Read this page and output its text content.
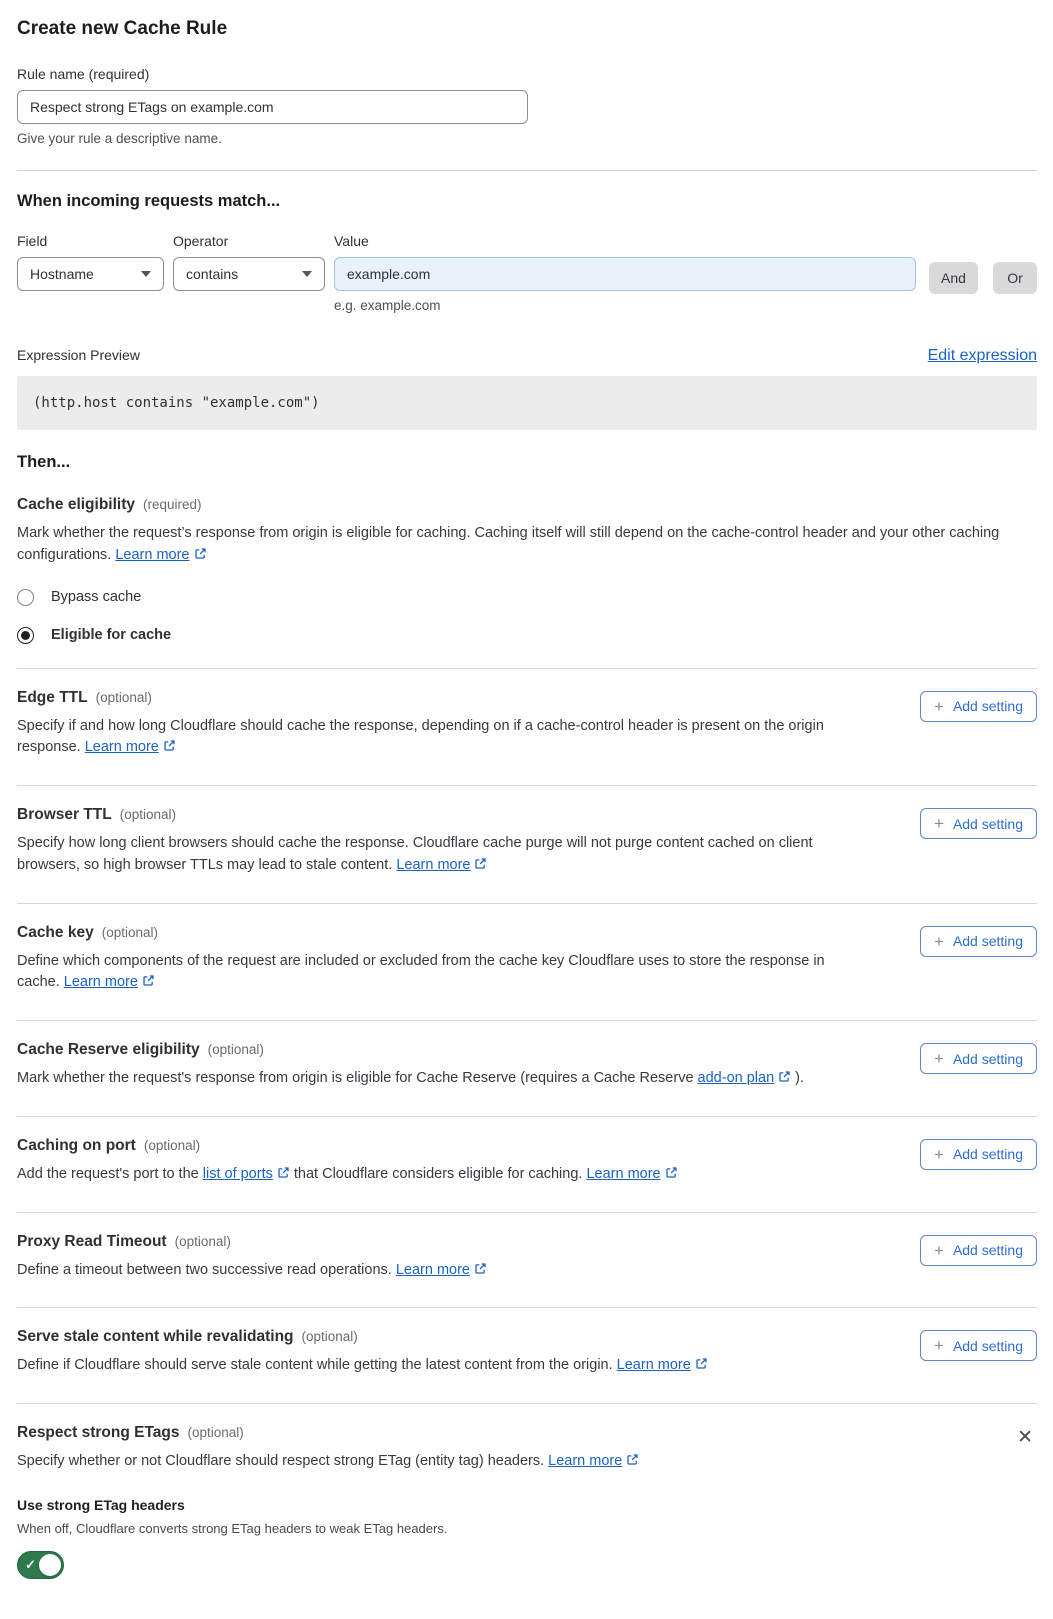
Create new Cache Rule
Rule name (required)
Respect strong ETags on example.com
Give your rule a descriptive name.
When incoming requests match...
Field
Hostname
Operator
contains
Value
example.com
e.g. example.com
And	Or
Expression Preview	Edit expression
(http.host contains "example.com")
Then...
Cache eligibility (required)
Mark whether the request’s response from origin is eligible for caching. Caching itself will still depend on the cache-control header and your other caching configurations. Learn more
Bypass cache
Eligible for cache
Edge TTL (optional)
Specify if and how long Cloudflare should cache the response, depending on if a cache-control header is present on the origin response. Learn more
+ Add setting
Browser TTL (optional)
Specify how long client browsers should cache the response. Cloudflare cache purge will not purge content cached on client browsers, so high browser TTLs may lead to stale content. Learn more
+ Add setting
Cache key (optional)
Define which components of the request are included or excluded from the cache key Cloudflare uses to store the response in cache. Learn more
+ Add setting
Cache Reserve eligibility (optional)
Mark whether the request's response from origin is eligible for Cache Reserve (requires a Cache Reserve add-on plan ).
+ Add setting
Caching on port (optional)
Add the request's port to the list of ports that Cloudflare considers eligible for caching. Learn more
+ Add setting
Proxy Read Timeout (optional)
Define a timeout between two successive read operations. Learn more
+ Add setting
Serve stale content while revalidating (optional)
Define if Cloudflare should serve stale content while getting the latest content from the origin. Learn more
+ Add setting
Respect strong ETags (optional)
Specify whether or not Cloudflare should respect strong ETag (entity tag) headers. Learn more
✕
Use strong ETag headers
When off, Cloudflare converts strong ETag headers to weak ETag headers.
✓
